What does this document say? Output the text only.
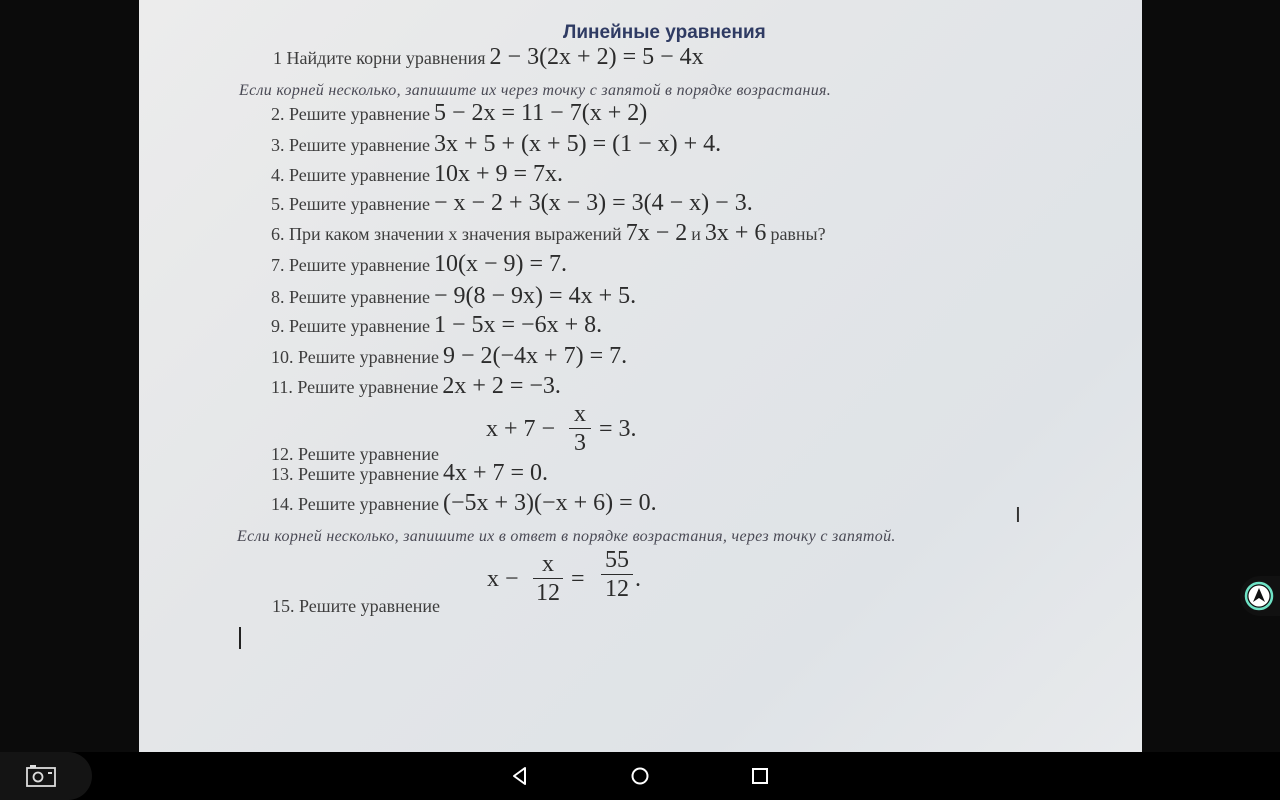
Линейные уравнения
1 Найдите корни уравнения 2 − 3(2x + 2) = 5 − 4x
Если корней несколько, запишите их через точку с запятой в порядке возрастания.
2. Решите уравнение 5 − 2x = 11 − 7(x + 2)
3. Решите уравнение 3x + 5 + (x + 5) = (1 − x) + 4.
4. Решите уравнение 10x + 9 = 7x.
5. Решите уравнение − x − 2 + 3(x − 3) = 3(4 − x) − 3.
6. При каком значении x значения выражений 7x − 2 и 3x + 6 равны?
7. Решите уравнение 10(x − 9) = 7.
8. Решите уравнение − 9(8 − 9x) = 4x + 5.
9. Решите уравнение 1 − 5x = −6x + 8.
10. Решите уравнение 9 − 2(−4x + 7) = 7.
11. Решите уравнение 2x + 2 = −3.
$x + 7 - \frac{x}{3} = 3$.
12. Решите уравнение
13. Решите уравнение 4x + 7 = 0.
14. Решите уравнение (−5x + 3)(−x + 6) = 0.
Если корней несколько, запишите их в ответ в порядке возрастания, через точку с запятой.
$x - \frac{x}{12} = \frac{55}{12}$ .
15. Решите уравнение
I
